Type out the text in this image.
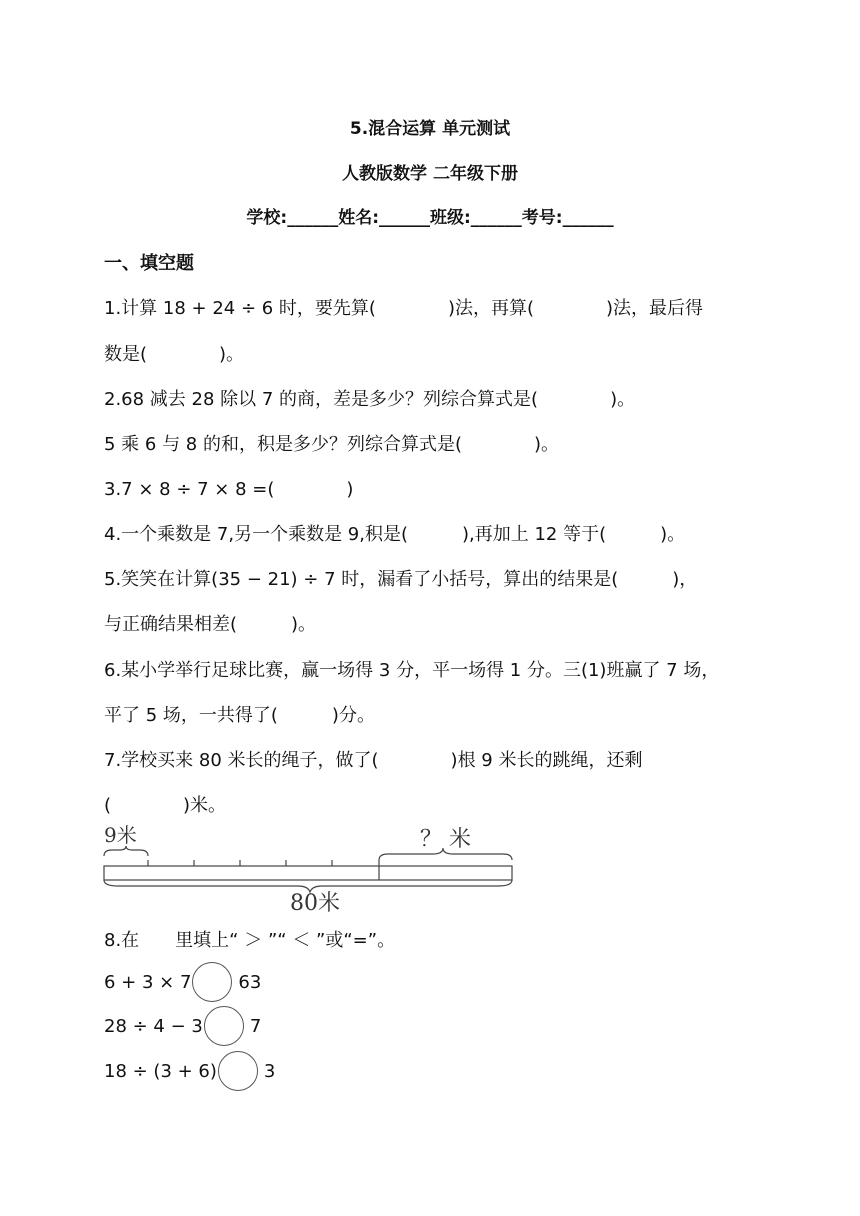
5.混合运算 单元测试
人教版数学 二年级下册
学校:______姓名:______班级:______考号:______
一、填空题
1.计算 18 + 24 ÷ 6 时，要先算(　　　　)法，再算(　　　　)法，最后得
数是(　　　　)。
2.68 减去 28 除以 7 的商，差是多少？列综合算式是(　　　　)。
5 乘 6 与 8 的和，积是多少？列综合算式是(　　　　)。
3.7 × 8 ÷ 7 × 8 =(　　　　)
4.一个乘数是 7,另一个乘数是 9,积是(　　　),再加上 12 等于(　　　)。
5.笑笑在计算(35 − 21) ÷ 7 时，漏看了小括号，算出的结果是(　　　)，
与正确结果相差(　　　)。
6.某小学举行足球比赛，赢一场得 3 分，平一场得 1 分。三(1)班赢了 7 场，
平了 5 场，一共得了(　　　)分。
7.学校买来 80 米长的绳子，做了(　　　　)根 9 米长的跳绳，还剩
(　　　　)米。
9米	？ 米
80米
8.在　　里填上“ ＞ ”“ ＜ ”或“=”。
6 + 3 × 7	63
28 ÷ 4 − 3	7
18 ÷ (3 + 6)	3
